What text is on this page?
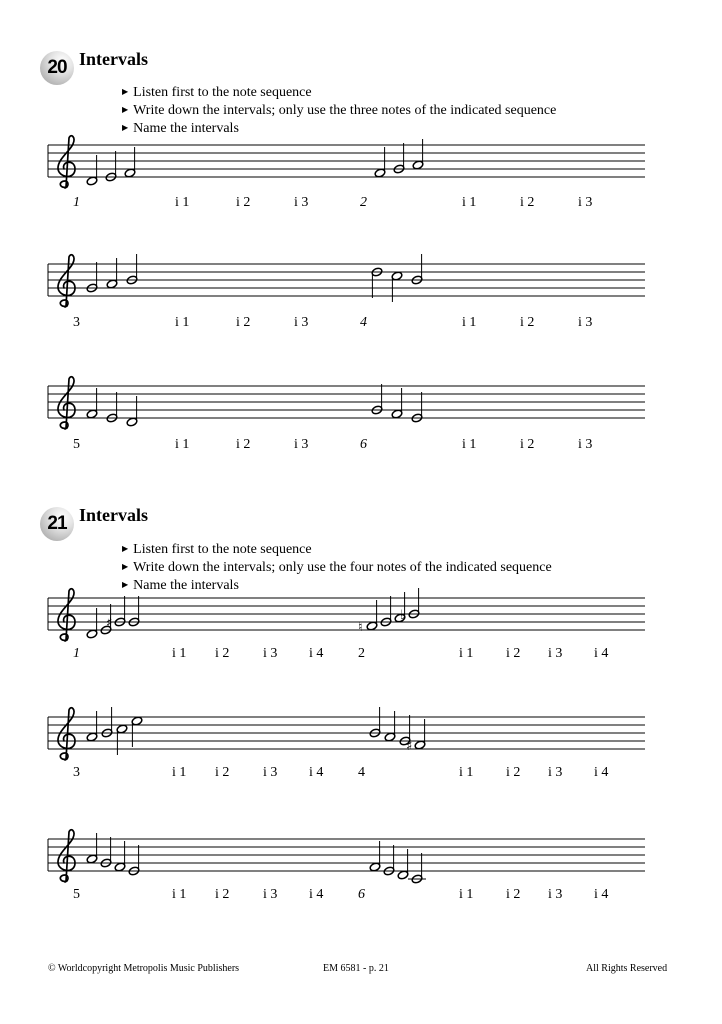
20 Intervals
▶ Listen first to the note sequence
▶ Write down the intervals; only use the three notes of the indicated sequence
▶ Name the intervals
21 Intervals
▶ Listen first to the note sequence
▶ Write down the intervals; only use the four notes of the indicated sequence
▶ Name the intervals
♯	♮
♭
♯
1	i 1	i 2	i 3	2	i 1	i 2	i 3
3	i 1	i 2	i 3	4	i 1	i 2	i 3
5	i 1	i 2	i 3	6	i 1	i 2	i 3
1	i 1 i 2 i 3 i 4 2	i 1 i 2 i 3 i 4
3	i 1 i 2 i 3 i 4 4	i 1 i 2 i 3 i 4
5	i 1 i 2 i 3 i 4 6	i 1 i 2 i 3 i 4
© Worldcopyright Metropolis Music Publishers	EM 6581 - p. 21	All Rights Reserved
